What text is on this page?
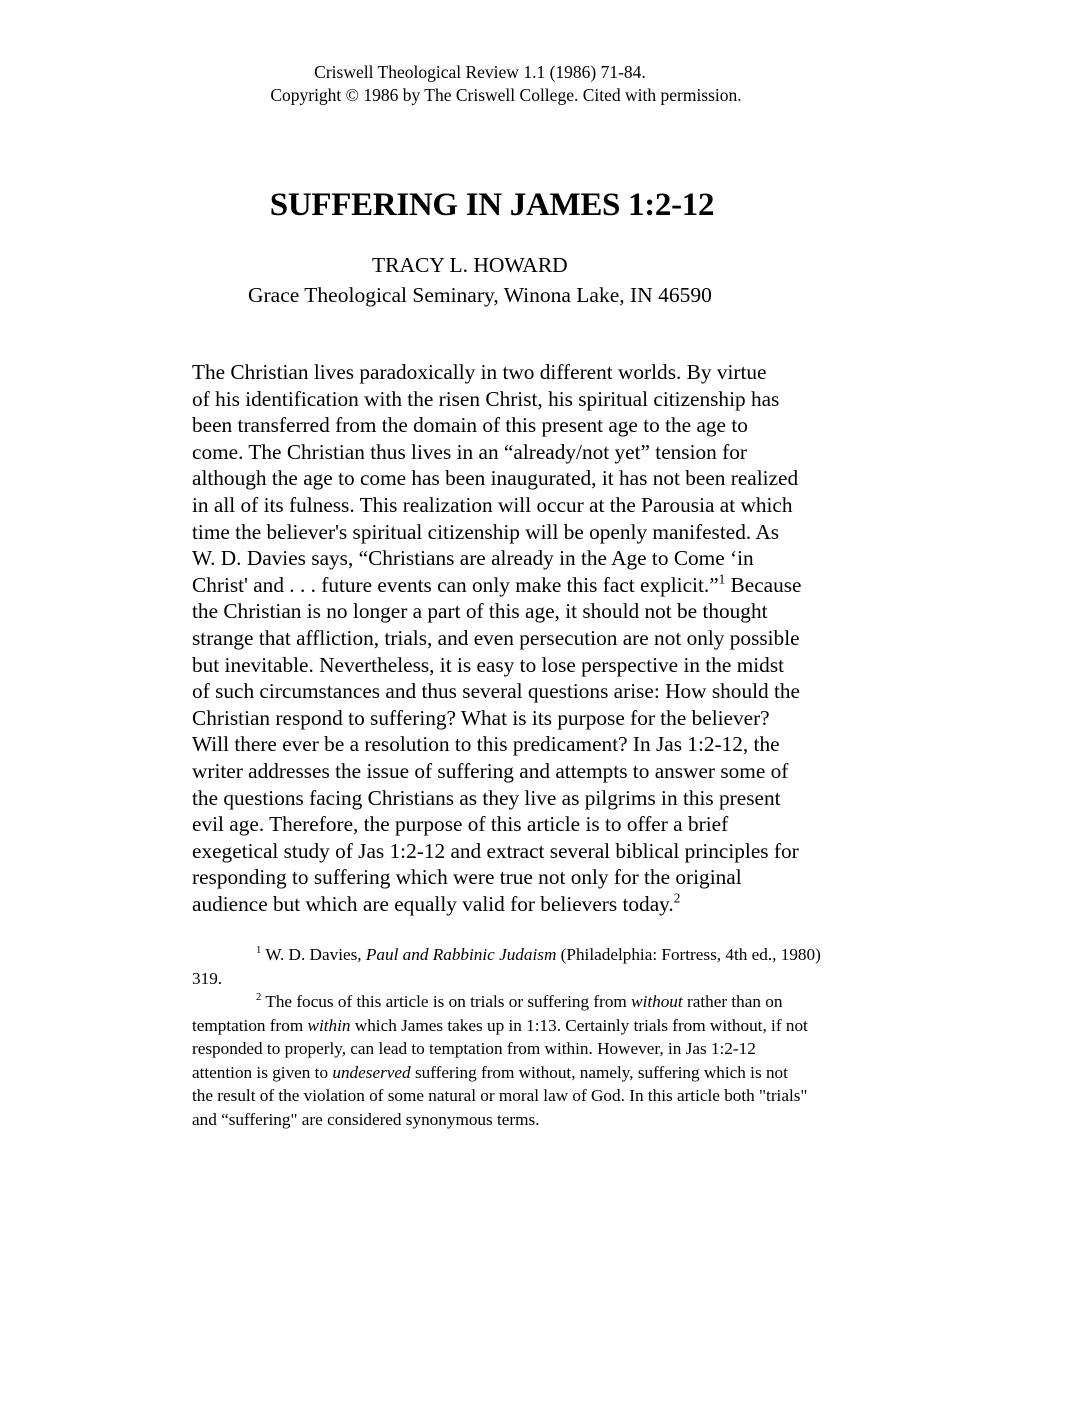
Criswell Theological Review 1.1 (1986) 71-84.
Copyright © 1986 by The Criswell College. Cited with permission.
SUFFERING IN JAMES 1:2-12
TRACY L. HOWARD
Grace Theological Seminary, Winona Lake, IN 46590
The Christian lives paradoxically in two different worlds. By virtue
of his identification with the risen Christ, his spiritual citizenship has
been transferred from the domain of this present age to the age to
come. The Christian thus lives in an “already/not yet” tension for
although the age to come has been inaugurated, it has not been realized
in all of its fulness. This realization will occur at the Parousia at which
time the believer's spiritual citizenship will be openly manifested. As
W. D. Davies says, “Christians are already in the Age to Come ‘in
Christ' and . . . future events can only make this fact explicit.”$^1$ Because
the Christian is no longer a part of this age, it should not be thought
strange that affliction, trials, and even persecution are not only possible
but inevitable. Nevertheless, it is easy to lose perspective in the midst
of such circumstances and thus several questions arise: How should the
Christian respond to suffering? What is its purpose for the believer?
Will there ever be a resolution to this predicament? In Jas 1:2-12, the
writer addresses the issue of suffering and attempts to answer some of
the questions facing Christians as they live as pilgrims in this present
evil age. Therefore, the purpose of this article is to offer a brief
exegetical study of Jas 1:2-12 and extract several biblical principles for
responding to suffering which were true not only for the original
audience but which are equally valid for believers today.$^2$
$^1$ W. D. Davies, Paul and Rabbinic Judaism (Philadelphia: Fortress, 4th ed., 1980)
319.
$^2$ The focus of this article is on trials or suffering from without rather than on
temptation from within which James takes up in 1:13. Certainly trials from without, if not
responded to properly, can lead to temptation from within. However, in Jas 1:2-12
attention is given to undeserved suffering from without, namely, suffering which is not
the result of the violation of some natural or moral law of God. In this article both "trials"
and “suffering" are considered synonymous terms.
